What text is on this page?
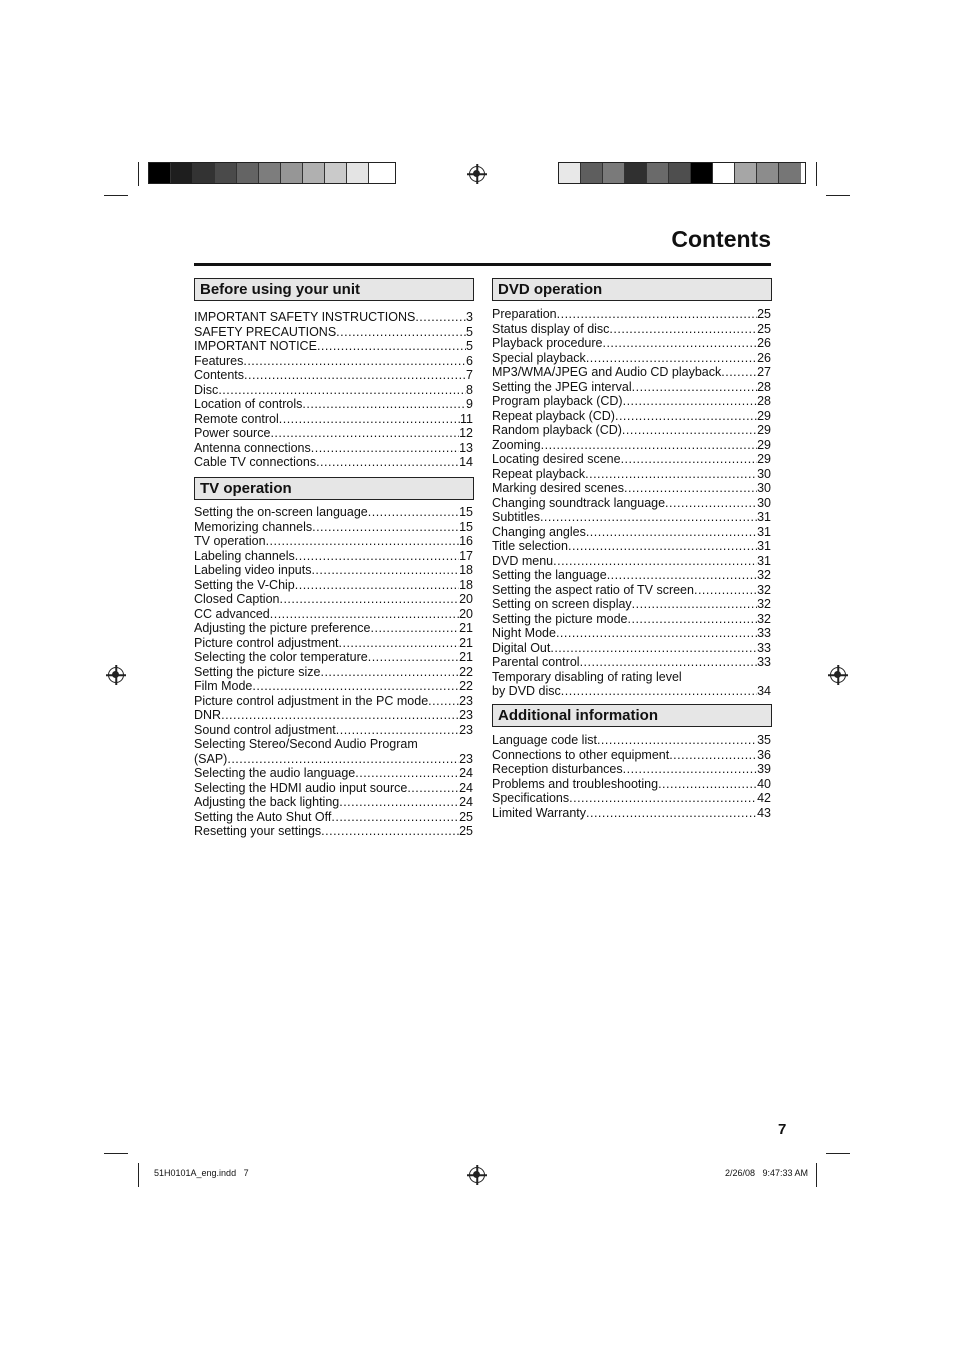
Contents
Before using your unit
IMPORTANT SAFETY INSTRUCTIONS .....	3
SAFETY PRECAUTIONS .....	5
IMPORTANT NOTICE .....	5
Features .....	6
Contents .....	7
Disc .....	8
Location of controls .....	9
Remote control .....	11
Power source .....	12
Antenna connections .....	13
Cable TV connections .....	14
TV operation
Setting the on-screen language .....	15
Memorizing channels .....	15
TV operation .....	16
Labeling channels .....	17
Labeling video inputs .....	18
Setting the V-Chip .....	18
Closed Caption .....	20
CC advanced .....	20
Adjusting the picture preference .....	21
Picture control adjustment .....	21
Selecting the color temperature .....	21
Setting the picture size .....	22
Film Mode .....	22
Picture control adjustment in the PC mode ..... 23
DNR .....	23
Sound control adjustment .....	23
Selecting Stereo/Second Audio Program
(SAP) .....	23
Selecting the audio language .....	24
Selecting the HDMI audio input source .....	24
Adjusting the back lighting .....	24
Setting the Auto Shut Off .....	25
Resetting your settings .....	25
DVD operation
Preparation .....	25
Status display of disc .....	25
Playback procedure .....	26
Special playback .....	26
MP3/WMA/JPEG and Audio CD playback .....	27
Setting the JPEG interval .....	28
Program playback (CD) .....	28
Repeat playback (CD) .....	29
Random playback (CD) .....	29
Zooming .....	29
Locating desired scene .....	29
Repeat playback .....	30
Marking desired scenes .....	30
Changing soundtrack language .....	30
Subtitles .....	31
Changing angles .....	31
Title selection .....	31
DVD menu .....	31
Setting the language .....	32
Setting the aspect ratio of TV screen .....	32
Setting on screen display .....	32
Setting the picture mode .....	32
Night Mode .....	33
Digital Out .....	33
Parental control .....	33
Temporary disabling of rating level
by DVD disc .....	34
Additional information
Language code list .....	35
Connections to other equipment .....	36
Reception disturbances .....	39
Problems and troubleshooting .....	40
Specifications .....	42
Limited Warranty .....	43
7
51H0101A_eng.indd   7	2/26/08   9:47:33 AM
